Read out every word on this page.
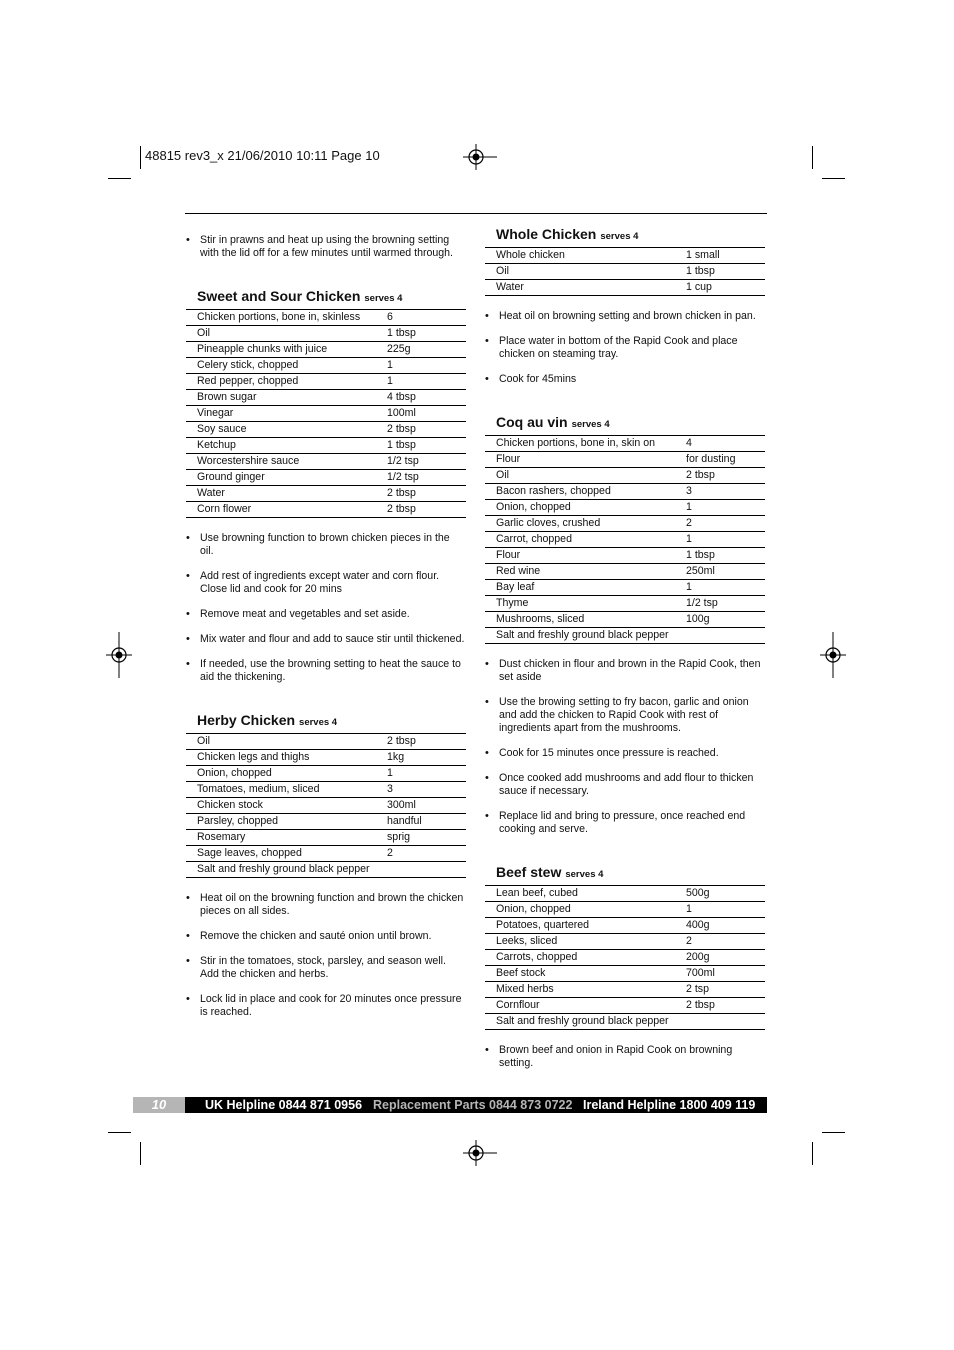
48815 rev3_x 21/06/2010 10:11 Page 10
• Stir in prawns and heat up using the browning setting with the lid off for a few minutes until warmed through.
Sweet and Sour Chicken serves 4
Chicken portions, bone in, skinless	6
Oil	1 tbsp
Pineapple chunks with juice	225g
Celery stick, chopped	1
Red pepper, chopped	1
Brown sugar	4 tbsp
Vinegar	100ml
Soy sauce	2 tbsp
Ketchup	1 tbsp
Worcestershire sauce	1/2 tsp
Ground ginger	1/2 tsp
Water	2 tbsp
Corn flower	2 tbsp
• Use browning function to brown chicken pieces in the oil.
• Add rest of ingredients except water and corn flour. Close lid and cook for 20 mins
• Remove meat and vegetables and set aside.
• Mix water and flour and add to sauce stir until thickened.
• If needed, use the browning setting to heat the sauce to aid the thickening.
Herby Chicken serves 4
Oil	2 tbsp
Chicken legs and thighs	1kg
Onion, chopped	1
Tomatoes, medium, sliced	3
Chicken stock	300ml
Parsley, chopped	handful
Rosemary	sprig
Sage leaves, chopped	2
Salt and freshly ground black pepper	
• Heat oil on the browning function and brown the chicken pieces on all sides.
• Remove the chicken and sauté onion until brown.
• Stir in the tomatoes, stock, parsley, and season well. Add the chicken and herbs.
• Lock lid in place and cook for 20 minutes once pressure is reached.
Whole Chicken serves 4
Whole chicken	1 small
Oil	1 tbsp
Water	1 cup
• Heat oil on browning setting and brown chicken in pan.
• Place water in bottom of the Rapid Cook and place chicken on steaming tray.
• Cook for 45mins
Coq au vin serves 4
Chicken portions, bone in, skin on	4
Flour	for dusting
Oil	2 tbsp
Bacon rashers, chopped	3
Onion, chopped	1
Garlic cloves, crushed	2
Carrot, chopped	1
Flour	1 tbsp
Red wine	250ml
Bay leaf	1
Thyme	1/2 tsp
Mushrooms, sliced	100g
Salt and freshly ground black pepper	
• Dust chicken in flour and brown in the Rapid Cook, then set aside
• Use the browing setting to fry bacon, garlic and onion and add the chicken to Rapid Cook with rest of ingredients apart from the mushrooms.
• Cook for 15 minutes once pressure is reached.
• Once cooked add mushrooms and add flour to thicken sauce if necessary.
• Replace lid and bring to pressure, once reached end cooking and serve.
Beef stew serves 4
Lean beef, cubed	500g
Onion, chopped	1
Potatoes, quartered	400g
Leeks, sliced	2
Carrots, chopped	200g
Beef stock	700ml
Mixed herbs	2 tsp
Cornflour	2 tbsp
Salt and freshly ground black pepper	
• Brown beef and onion in Rapid Cook on browning setting.
10	UK Helpline 0844 871 0956 Replacement Parts 0844 873 0722 Ireland Helpline 1800 409 119
